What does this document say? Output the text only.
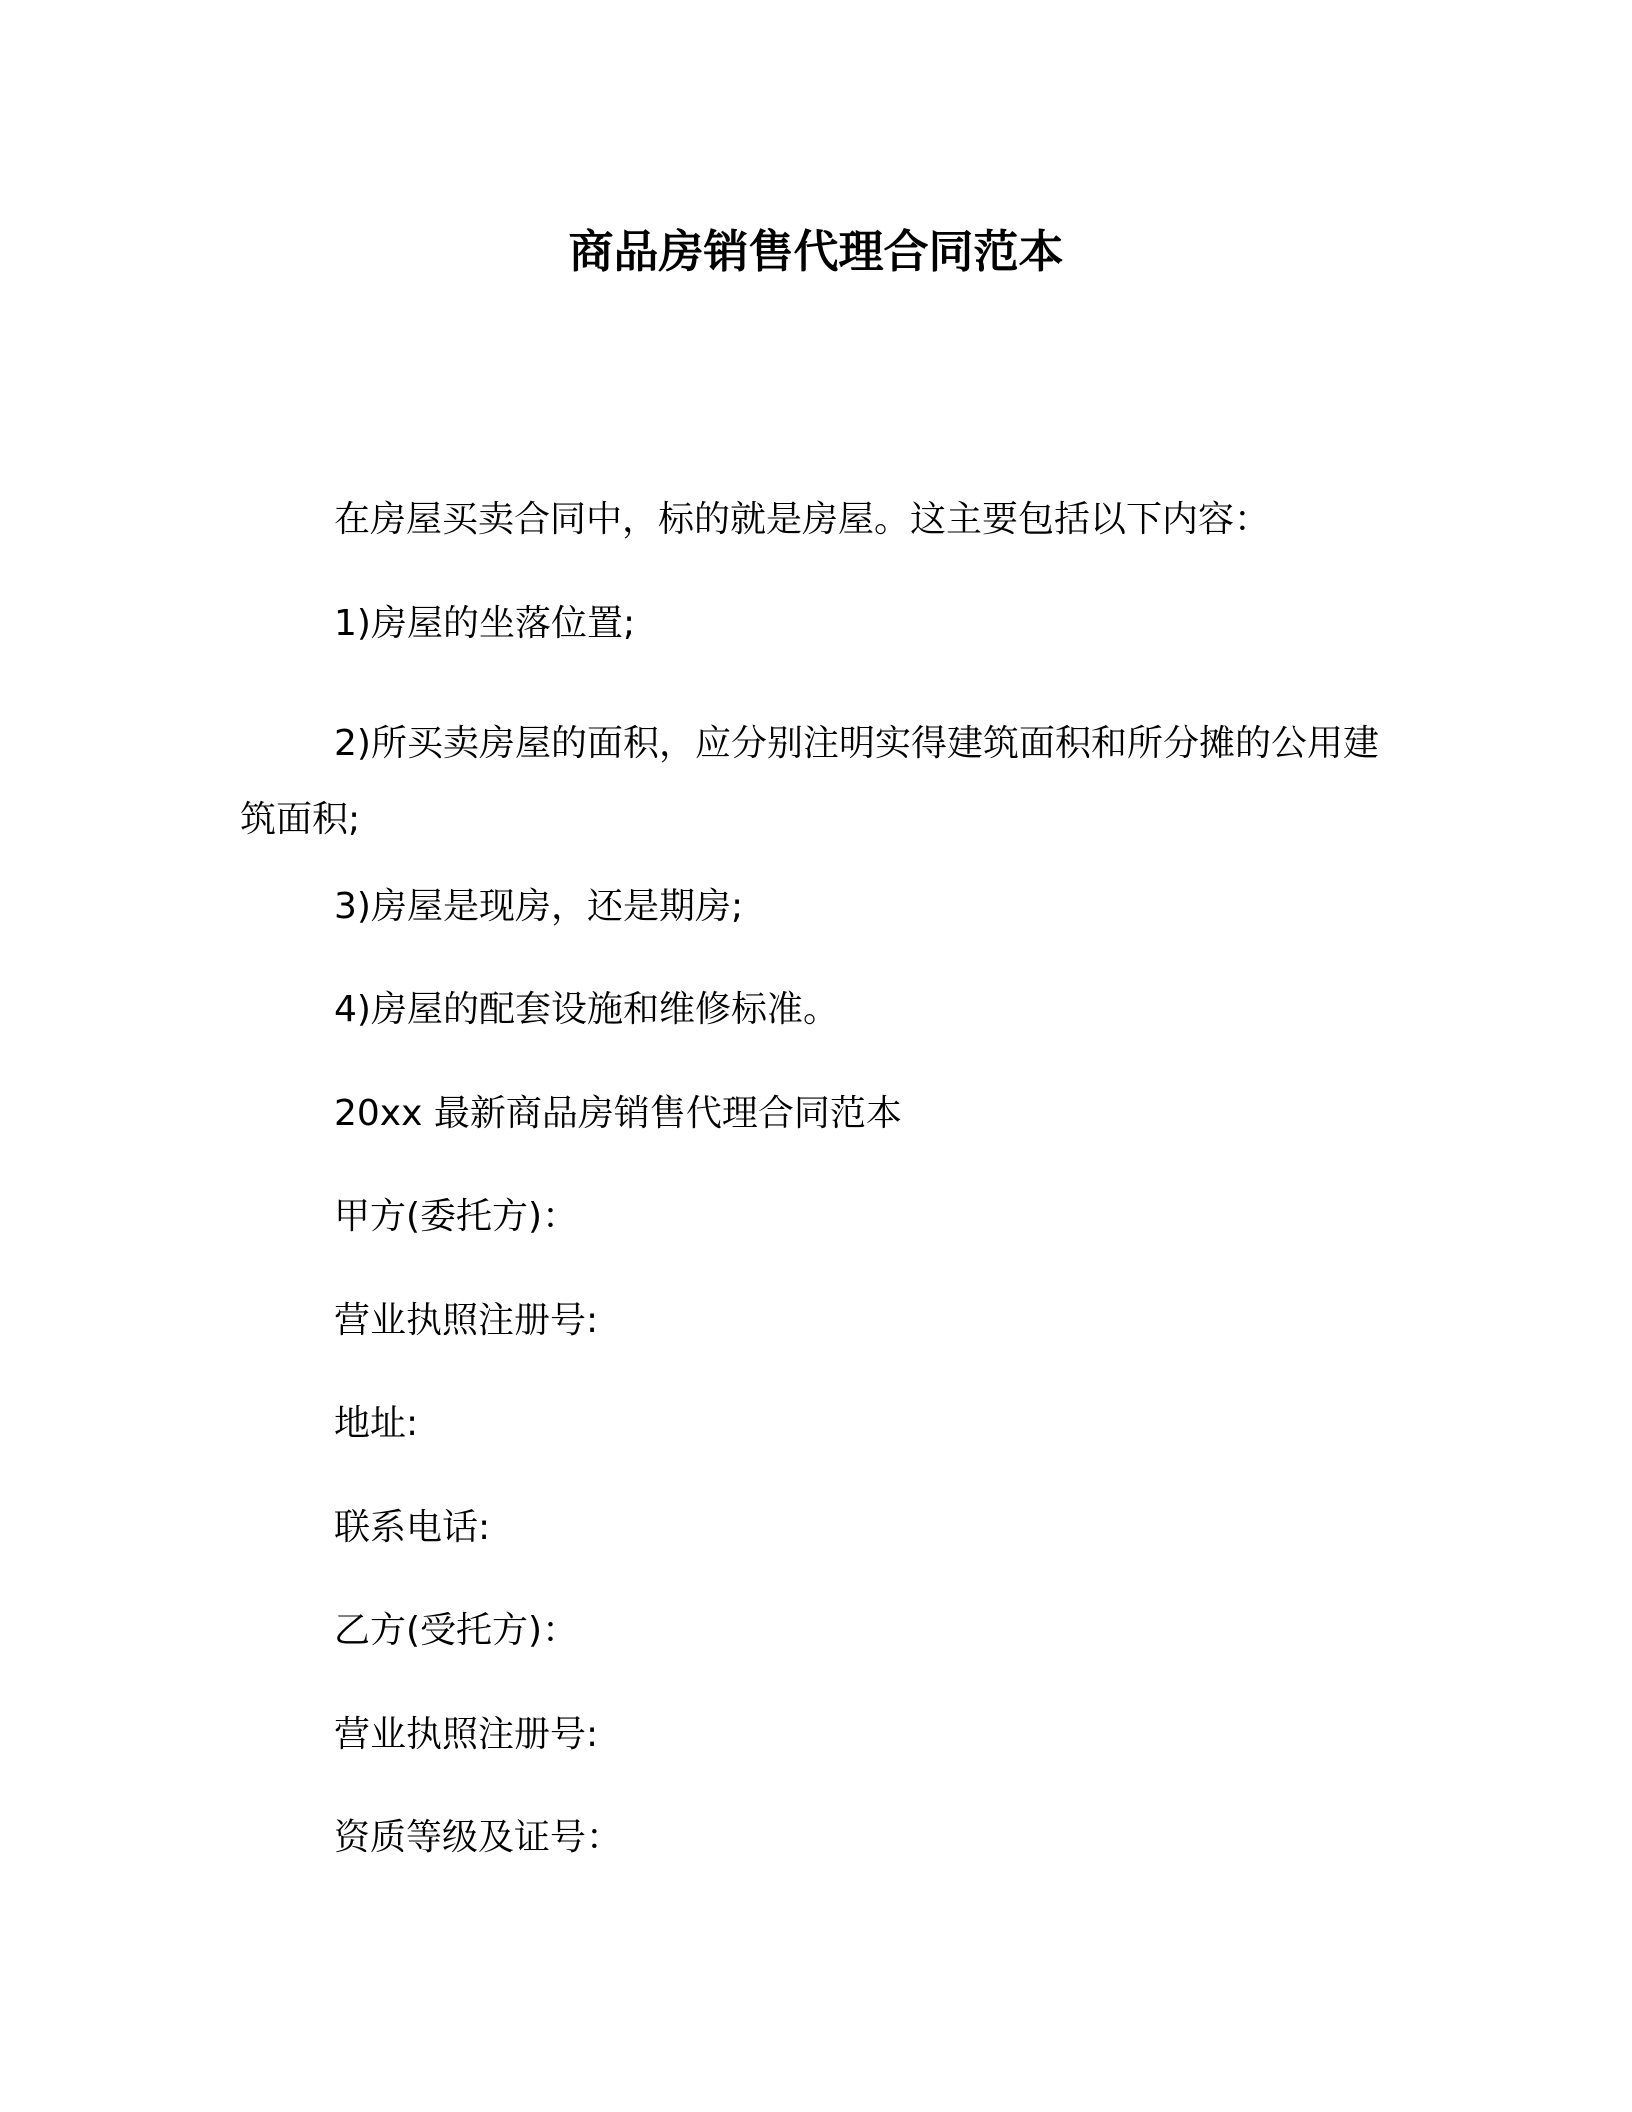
商品房销售代理合同范本
在房屋买卖合同中，标的就是房屋。这主要包括以下内容：
1)房屋的坐落位置;
2)所买卖房屋的面积，应分别注明实得建筑面积和所分摊的公用建筑面积;
3)房屋是现房，还是期房;
4)房屋的配套设施和维修标准。
20xx 最新商品房销售代理合同范本
甲方(委托方)：
营业执照注册号:
地址:
联系电话:
乙方(受托方)：
营业执照注册号:
资质等级及证号：
